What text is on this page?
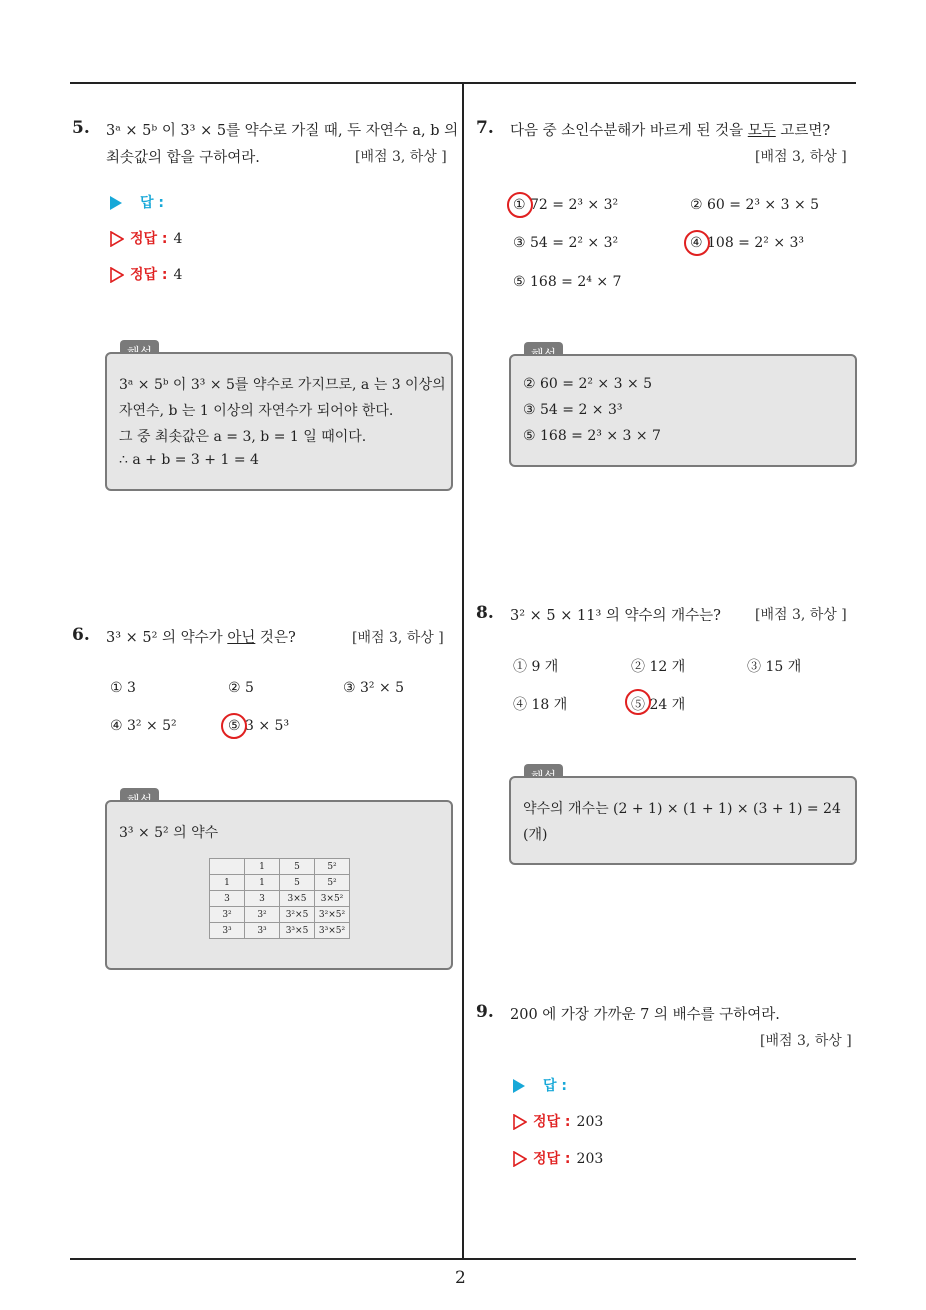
2
5. 3ᵃ × 5ᵇ 이 3³ × 5를 약수로 가질 때, 두 자연수 a, b 의
최솟값의 합을 구하여라.	[배점 3, 하상 ]
답 :
정답 : 4
정답 : 4
3ᵃ × 5ᵇ 이 3³ × 5를 약수로 가지므로, a 는 3 이상의
자연수, b 는 1 이상의 자연수가 되어야 한다.
그 중 최솟값은 a = 3, b = 1 일 때이다.
∴ a + b = 3 + 1 = 4
6. 3³ × 5² 의 약수가 아닌 것은?	[배점 3, 하상 ]
① 3	② 5	③ 3² × 5
④ 3² × 5²	⑤ 3 × 5³
3³ × 5² 의 약수
	1	5	5²
1	1	5	5²
3	3	3×5	3×5²
3²	3²	3²×5	3²×5²
3³	3³	3³×5	3³×5²
7. 다음 중 소인수분해가 바르게 된 것을 모두 고르면?
[배점 3, 하상 ]
① 72 = 2³ × 3²	② 60 = 2³ × 3 × 5
③ 54 = 2² × 3²	④ 108 = 2² × 3³
⑤ 168 = 2⁴ × 7
② 60 = 2² × 3 × 5
③ 54 = 2 × 3³
⑤ 168 = 2³ × 3 × 7
8. 3² × 5 × 11³ 의 약수의 개수는? [배점 3, 하상 ]
① 9 개	② 12 개	③ 15 개
④ 18 개	⑤ 24 개
약수의 개수는 (2 + 1) × (1 + 1) × (3 + 1) = 24
(개)
9. 200 에 가장 가까운 7 의 배수를 구하여라.
[배점 3, 하상 ]
답 :
정답 : 203
정답 : 203
